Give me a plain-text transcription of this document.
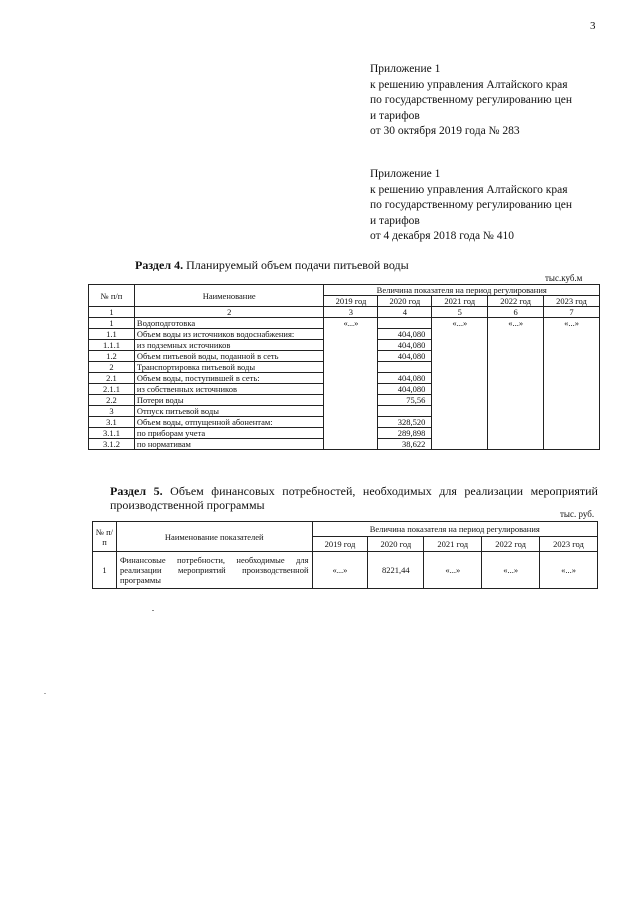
3
Приложение 1
к решению управления Алтайского края
по государственному регулированию цен
и тарифов
от 30 октября 2019 года № 283
Приложение 1
к решению управления Алтайского края
по государственному регулированию цен
и тарифов
от 4 декабря 2018 года № 410
Раздел 4. Планируемый объем подачи питьевой воды
тыс.куб.м
№ п/п	Наименование	Величина показателя на период регулирования				
		2019 год	2020 год	2021 год	2022 год	2023 год
1	2	3	4	5	6	7
1	Водоподготовка	«...»		«...»	«...»	«...»
1.1	Объем воды из источников водоснабжения:		404,080			
1.1.1	из подземных источников		404,080			
1.2	Объем питьевой воды, поданной в сеть		404,080			
2	Транспортировка питьевой воды					
2.1	Объем воды, поступившей в сеть:		404,080			
2.1.1	из собственных источников		404,080			
2.2	Потери воды		75,56			
3	Отпуск питьевой воды					
3.1	Объем воды, отпущенной абонентам:		328,520			
3.1.1	по приборам учета		289,898			
3.1.2	по нормативам		38,622			
Раздел 5. Объем финансовых потребностей, необходимых для реализации мероприятий производственной программы
тыс. руб.
№ п/ п	Наименование показателей	Величина показателя на период регулирования				
		2019 год	2020 год	2021 год	2022 год	2023 год
1	Финансовые потребности, необходимые для реализации мероприятий производственной программы	«...»	8221,44	«...»	«...»	«...»
